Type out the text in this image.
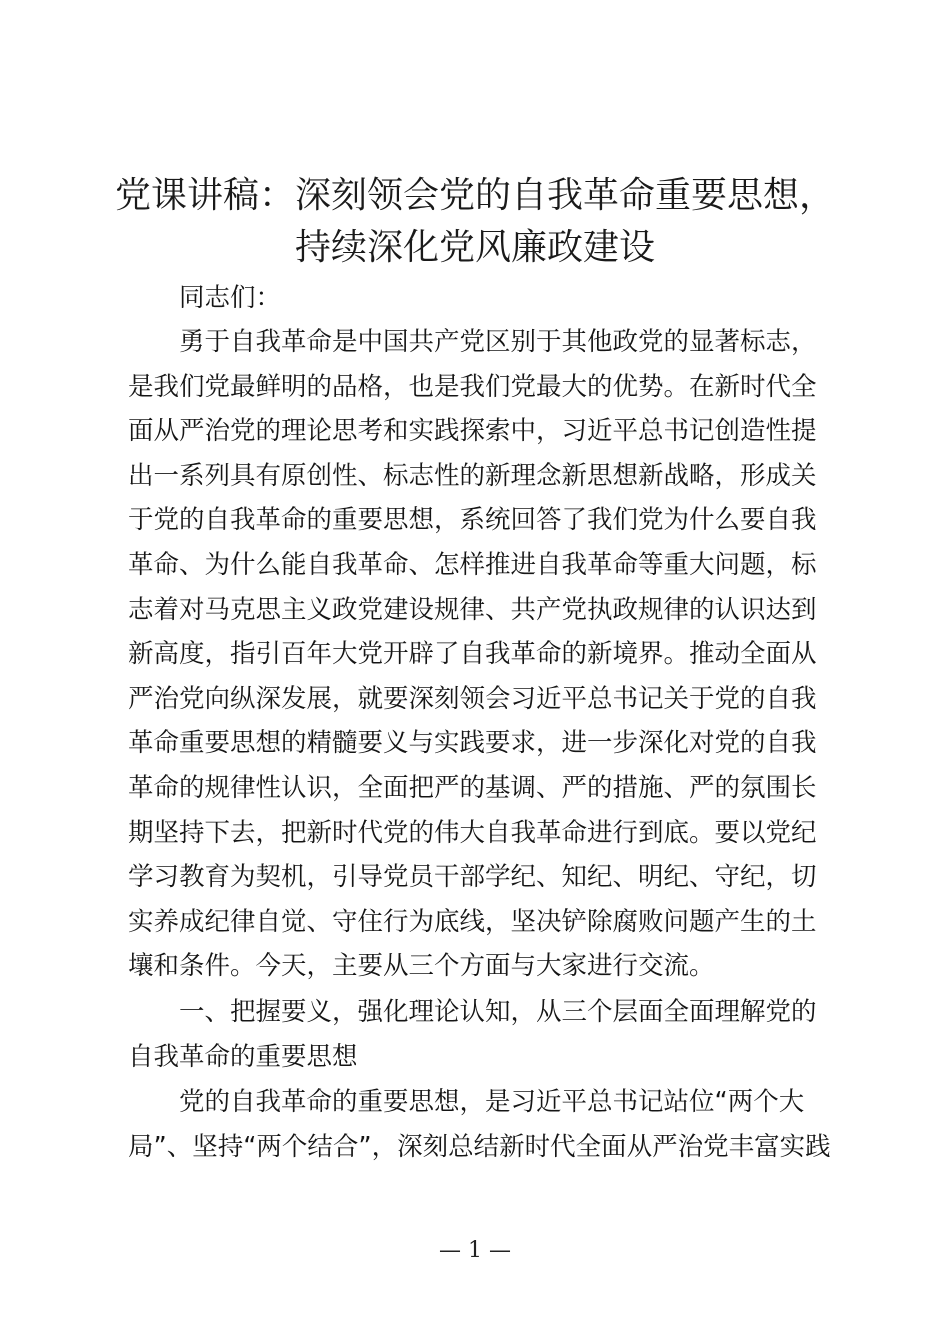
党课讲稿：深刻领会党的自我革命重要思想，
持续深化党风廉政建设
同志们：
勇于自我革命是中国共产党区别于其他政党的显著标志，
是我们党最鲜明的品格，也是我们党最大的优势。在新时代全
面从严治党的理论思考和实践探索中，习近平总书记创造性提
出一系列具有原创性、标志性的新理念新思想新战略，形成关
于党的自我革命的重要思想，系统回答了我们党为什么要自我
革命、为什么能自我革命、怎样推进自我革命等重大问题，标
志着对马克思主义政党建设规律、共产党执政规律的认识达到
新高度，指引百年大党开辟了自我革命的新境界。推动全面从
严治党向纵深发展，就要深刻领会习近平总书记关于党的自我
革命重要思想的精髓要义与实践要求，进一步深化对党的自我
革命的规律性认识，全面把严的基调、严的措施、严的氛围长
期坚持下去，把新时代党的伟大自我革命进行到底。要以党纪
学习教育为契机，引导党员干部学纪、知纪、明纪、守纪，切
实养成纪律自觉、守住行为底线，坚决铲除腐败问题产生的土
壤和条件。今天，主要从三个方面与大家进行交流。
一、把握要义，强化理论认知，从三个层面全面理解党的
自我革命的重要思想
党的自我革命的重要思想，是习近平总书记站位“两个大
局”、坚持“两个结合”，深刻总结新时代全面从严治党丰富实践
— 1 —
